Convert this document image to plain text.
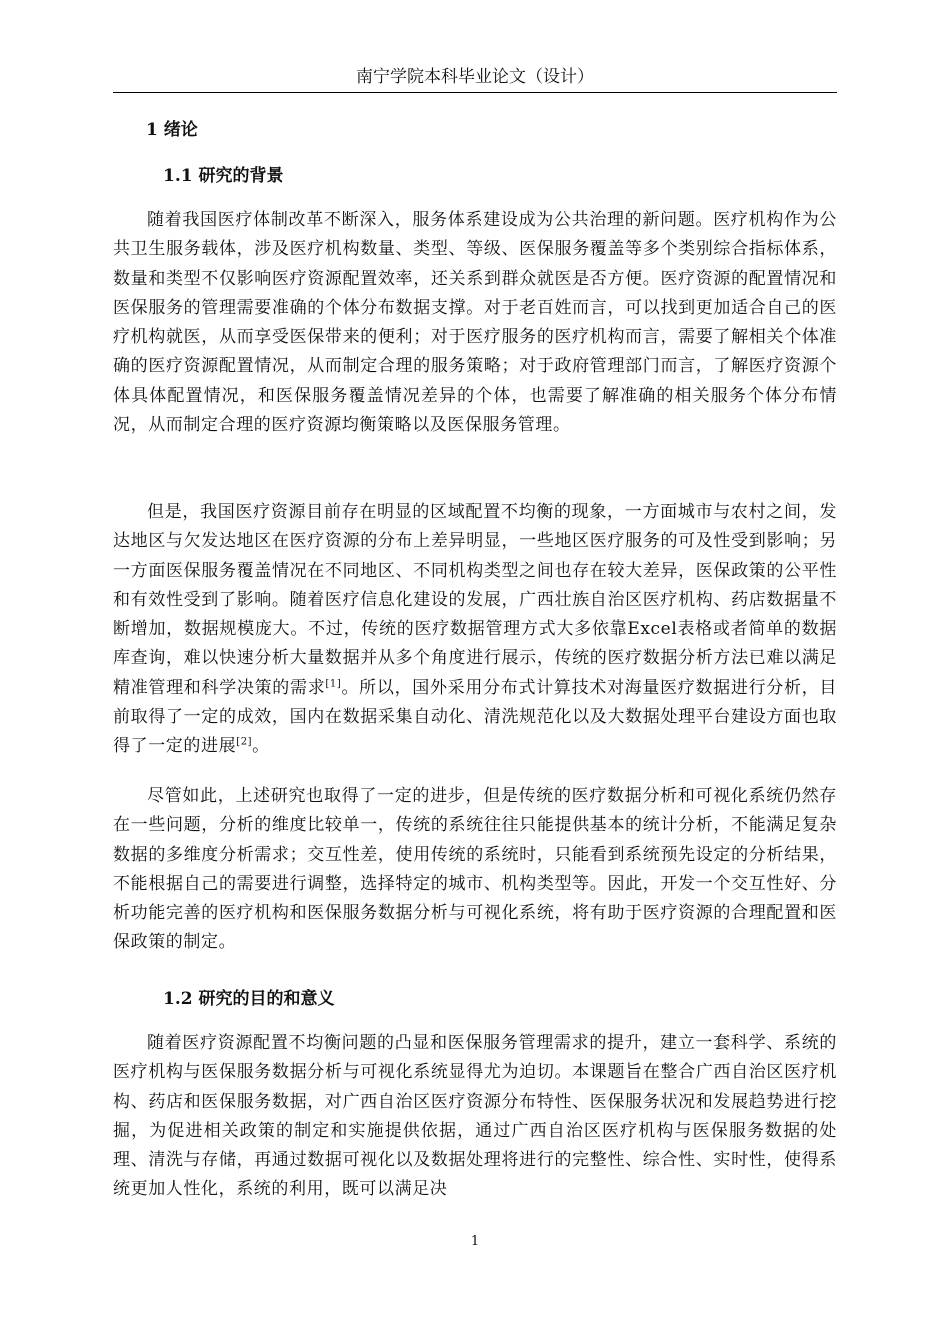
南宁学院本科毕业论文（设计）
1 绪论
1.1 研究的背景

随着我国医疗体制改革不断深入，服务体系建设成为公共治理的新问题。医疗机构作为公共卫生服务载体，涉及医疗机构数量、类型、等级、医保服务覆盖等多个类别综合指标体系，数量和类型不仅影响医疗资源配置效率，还关系到群众就医是否方便。医疗资源的配置情况和医保服务的管理需要准确的个体分布数据支撑。对于老百姓而言，可以找到更加适合自己的医疗机构就医，从而享受医保带来的便利；对于医疗服务的医疗机构而言，需要了解相关个体准确的医疗资源配置情况，从而制定合理的服务策略；对于政府管理部门而言，了解医疗资源个体具体配置情况，和医保服务覆盖情况差异的个体，也需要了解准确的相关服务个体分布情况，从而制定合理的医疗资源均衡策略以及医保服务管理。

但是，我国医疗资源目前存在明显的区域配置不均衡的现象，一方面城市与农村之间，发达地区与欠发达地区在医疗资源的分布上差异明显，一些地区医疗服务的可及性受到影响；另一方面医保服务覆盖情况在不同地区、不同机构类型之间也存在较大差异，医保政策的公平性和有效性受到了影响。随着医疗信息化建设的发展，广西壮族自治区医疗机构、药店数据量不断增加，数据规模庞大。不过，传统的医疗数据管理方式大多依靠Excel表格或者简单的数据库查询，难以快速分析大量数据并从多个角度进行展示，传统的医疗数据分析方法已难以满足精准管理和科学决策的需求[1]。所以，国外采用分布式计算技术对海量医疗数据进行分析，目前取得了一定的成效，国内在数据采集自动化、清洗规范化以及大数据处理平台建设方面也取得了一定的进展[2]。

尽管如此，上述研究也取得了一定的进步，但是传统的医疗数据分析和可视化系统仍然存在一些问题，分析的维度比较单一，传统的系统往往只能提供基本的统计分析，不能满足复杂数据的多维度分析需求；交互性差，使用传统的系统时，只能看到系统预先设定的分析结果，不能根据自己的需要进行调整，选择特定的城市、机构类型等。因此，开发一个交互性好、分析功能完善的医疗机构和医保服务数据分析与可视化系统，将有助于医疗资源的合理配置和医保政策的制定。

1.2 研究的目的和意义

随着医疗资源配置不均衡问题的凸显和医保服务管理需求的提升，建立一套科学、系统的医疗机构与医保服务数据分析与可视化系统显得尤为迫切。本课题旨在整合广西自治区医疗机构、药店和医保服务数据，对广西自治区医疗资源分布特性、医保服务状况和发展趋势进行挖掘，为促进相关政策的制定和实施提供依据，通过广西自治区医疗机构与医保服务数据的处理、清洗与存储，再通过数据可视化以及数据处理将进行的完整性、综合性、实时性，使得系统更加人性化，系统的利用，既可以满足决

1
